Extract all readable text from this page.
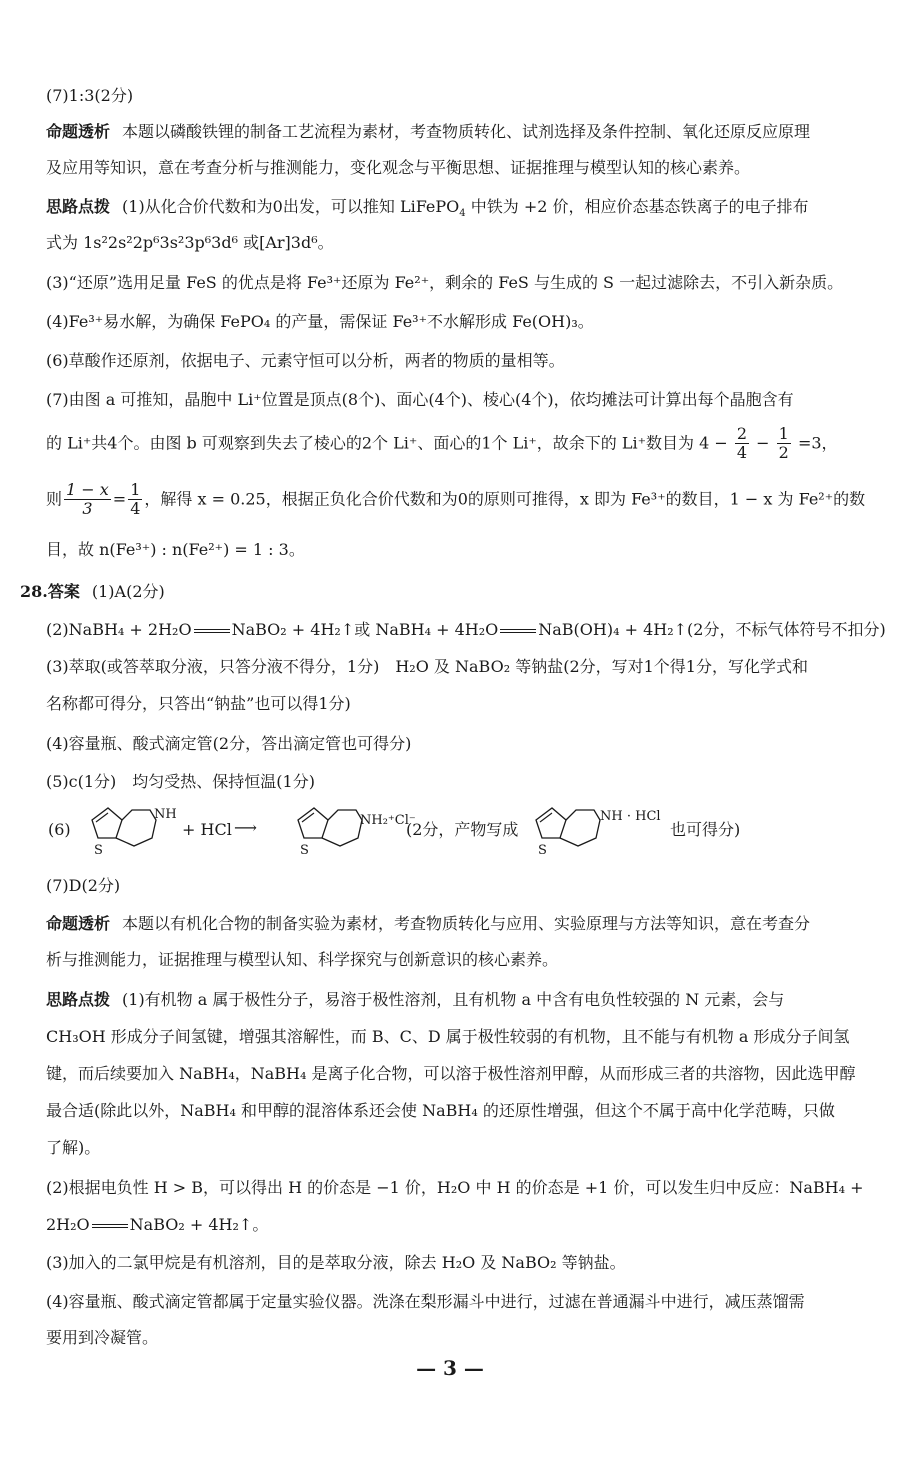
(7)1:3(2分)
命题透析 本题以磷酸铁锂的制备工艺流程为素材，考查物质转化、试剂选择及条件控制、氧化还原反应原理
及应用等知识，意在考查分析与推测能力，变化观念与平衡思想、证据推理与模型认知的核心素养。
思路点拨 (1)从化合价代数和为0出发，可以推知 LiFePO$_4$ 中铁为 +2 价，相应价态基态铁离子的电子排布
式为 1s²2s²2p⁶3s²3p⁶3d⁶ 或[Ar]3d⁶。
(3)“还原”选用足量 FeS 的优点是将 Fe³⁺还原为 Fe²⁺，剩余的 FeS 与生成的 S 一起过滤除去，不引入新杂质。
(4)Fe³⁺易水解，为确保 FePO₄ 的产量，需保证 Fe³⁺不水解形成 Fe(OH)₃。
(6)草酸作还原剂，依据电子、元素守恒可以分析，两者的物质的量相等。
(7)由图 a 可推知，晶胞中 Li⁺位置是顶点(8个)、面心(4个)、棱心(4个)，依均摊法可计算出每个晶胞含有
的 Li⁺共4个。由图 b 可观察到失去了棱心的2个 Li⁺、面心的1个 Li⁺，故余下的 Li⁺数目为 $4 - \frac{2}{4} - \frac{1}{2} =3$，
则 $\frac{1 - x}{3} = \frac{1}{4}$ ，解得 x = 0.25，根据正负化合价代数和为0的原则可推得，x 即为 Fe³⁺的数目，1 − x 为 Fe²⁺的数
目，故 n(Fe³⁺) : n(Fe²⁺) = 1 : 3。
28.答案 (1)A(2分)
(2)NaBH₄ + 2H₂O	NaBO₂ + 4H₂↑或 NaBH₄ + 4H₂O	NaB(OH)₄ + 4H₂↑(2分，不标气体符号不扣分)
(3)萃取(或答萃取分液，只答分液不得分，1分)　H₂O 及 NaBO₂ 等钠盐(2分，写对1个得1分，写化学式和
名称都可得分，只答出“钠盐”也可以得1分)
(4)容量瓶、酸式滴定管(2分，答出滴定管也可得分)
(5)c(1分)　均匀受热、保持恒温(1分)
(6)
S
NH
+ HCl ⟶
S
NH₂⁺Cl⁻
(2分，产物写成
S
NH · HCl
也可得分)
(7)D(2分)
命题透析 本题以有机化合物的制备实验为素材，考查物质转化与应用、实验原理与方法等知识，意在考查分
析与推测能力，证据推理与模型认知、科学探究与创新意识的核心素养。
思路点拨 (1)有机物 a 属于极性分子，易溶于极性溶剂，且有机物 a 中含有电负性较强的 N 元素，会与
CH₃OH 形成分子间氢键，增强其溶解性，而 B、C、D 属于极性较弱的有机物，且不能与有机物 a 形成分子间氢
键，而后续要加入 NaBH₄，NaBH₄ 是离子化合物，可以溶于极性溶剂甲醇，从而形成三者的共溶物，因此选甲醇
最合适(除此以外，NaBH₄ 和甲醇的混溶体系还会使 NaBH₄ 的还原性增强，但这个不属于高中化学范畴，只做
了解)。
(2)根据电负性 H > B，可以得出 H 的价态是 −1 价，H₂O 中 H 的价态是 +1 价，可以发生归中反应：NaBH₄ +
2H₂O	NaBO₂ + 4H₂↑。
(3)加入的二氯甲烷是有机溶剂，目的是萃取分液，除去 H₂O 及 NaBO₂ 等钠盐。
(4)容量瓶、酸式滴定管都属于定量实验仪器。洗涤在梨形漏斗中进行，过滤在普通漏斗中进行，减压蒸馏需
要用到冷凝管。
— 3 —
